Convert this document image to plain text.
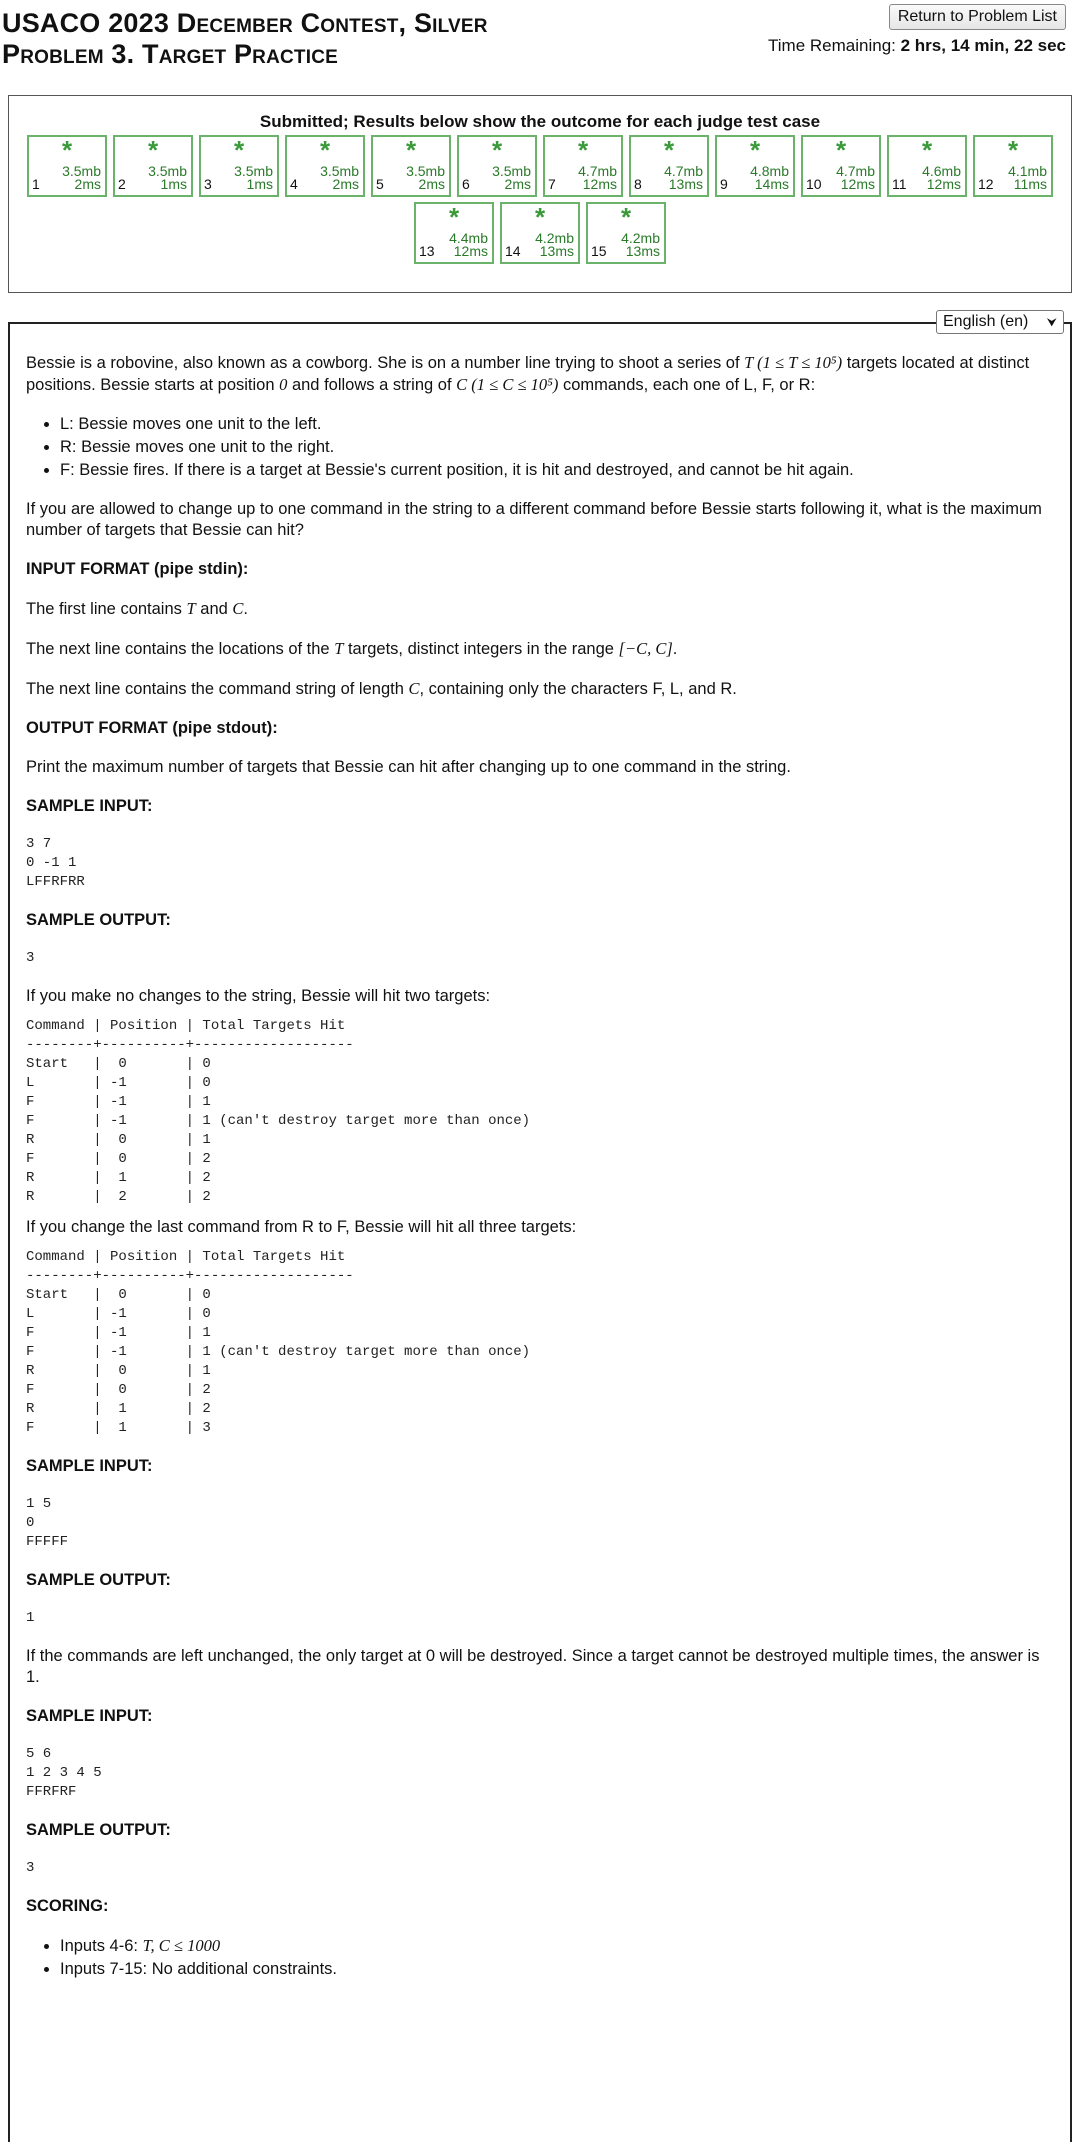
USACO 2023 December Contest, Silver
Problem 3. Target Practice
Return to Problem List
Time Remaining: 2 hrs, 14 min, 22 sec
Submitted; Results below show the outcome for each judge test case
*
3.5mb
1 2ms
*
3.5mb
2 1ms
*
3.5mb
3 1ms
*
3.5mb
4 2ms
*
3.5mb
5 2ms
*
3.5mb
6 2ms
*
4.7mb
7 12ms
*
4.7mb
8 13ms
*
4.8mb
9 14ms
*
4.7mb
10 12ms
*
4.6mb
11 12ms
*
4.1mb
12 11ms
*
4.4mb
13 12ms
*
4.2mb
14 13ms
*
4.2mb
15 13ms
English (en) ⮟

Bessie is a robovine, also known as a cowborg. She is on a number line trying to shoot a series of T (1 ≤ T ≤ 10⁵) targets located at distinct positions. Bessie starts at position 0 and follows a string of C (1 ≤ C ≤ 10⁵) commands, each one of L, F, or R:

• L: Bessie moves one unit to the left.
• R: Bessie moves one unit to the right.
• F: Bessie fires. If there is a target at Bessie's current position, it is hit and destroyed, and cannot be hit again.

If you are allowed to change up to one command in the string to a different command before Bessie starts following it, what is the maximum number of targets that Bessie can hit?

INPUT FORMAT (pipe stdin):

The first line contains T and C.

The next line contains the locations of the T targets, distinct integers in the range [−C, C].

The next line contains the command string of length C, containing only the characters F, L, and R.

OUTPUT FORMAT (pipe stdout):

Print the maximum number of targets that Bessie can hit after changing up to one command in the string.

SAMPLE INPUT:
3 7
0 -1 1
LFFRFRR
SAMPLE OUTPUT:
3

If you make no changes to the string, Bessie will hit two targets:

Command | Position | Total Targets Hit
--------+----------+-------------------
Start   |  0       | 0
L       | -1       | 0
F       | -1       | 1
F       | -1       | 1 (can't destroy target more than once)
R       |  0       | 1
F       |  0       | 2
R       |  1       | 2
R       |  2       | 2

If you change the last command from R to F, Bessie will hit all three targets:

Command | Position | Total Targets Hit
--------+----------+-------------------
Start   |  0       | 0
L       | -1       | 0
F       | -1       | 1
F       | -1       | 1 (can't destroy target more than once)
R       |  0       | 1
F       |  0       | 2
R       |  1       | 2
F       |  1       | 3
SAMPLE INPUT:
1 5
0
FFFFF
SAMPLE OUTPUT:
1

If the commands are left unchanged, the only target at 0 will be destroyed. Since a target cannot be destroyed multiple times, the answer is 1.

SAMPLE INPUT:
5 6
1 2 3 4 5
FFRFRF
SAMPLE OUTPUT:
3
SCORING:
• Inputs 4-6: T, C ≤ 1000
• Inputs 7-15: No additional constraints.
